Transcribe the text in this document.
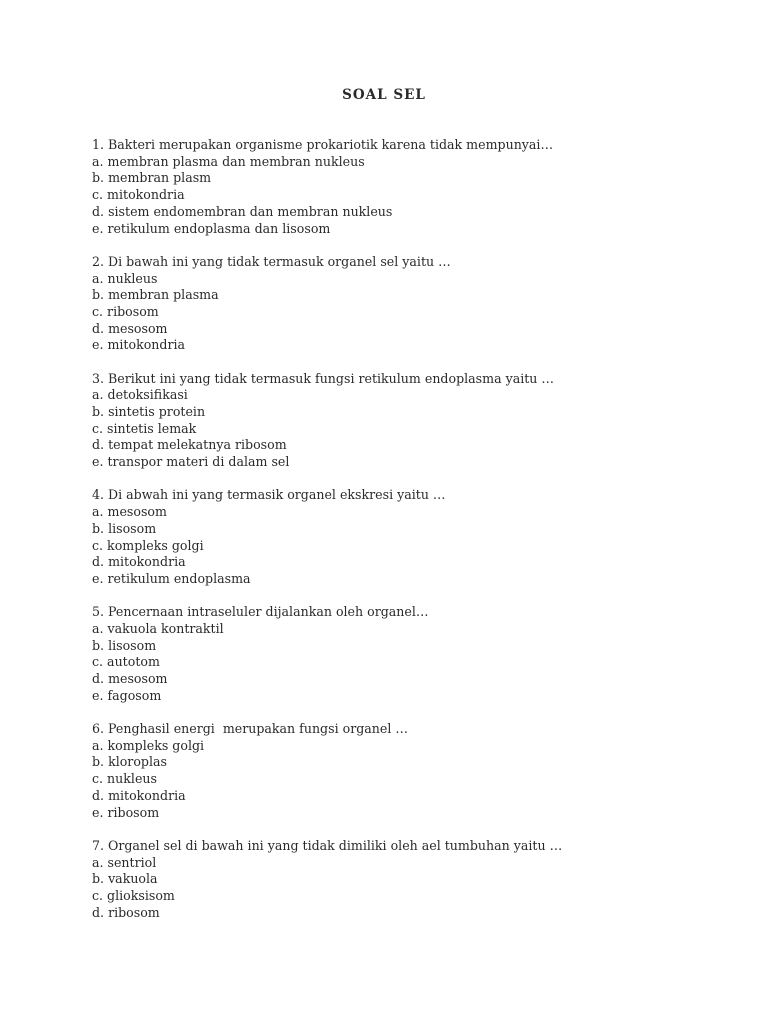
SOAL SEL
1. Bakteri merupakan organisme prokariotik karena tidak mempunyai…
a. membran plasma dan membran nukleus
b. membran plasm
c. mitokondria
d. sistem endomembran dan membran nukleus
e. retikulum endoplasma dan lisosom
2. Di bawah ini yang tidak termasuk organel sel yaitu …
a. nukleus
b. membran plasma
c. ribosom
d. mesosom
e. mitokondria
3. Berikut ini yang tidak termasuk fungsi retikulum endoplasma yaitu …
a. detoksifikasi
b. sintetis protein
c. sintetis lemak
d. tempat melekatnya ribosom
e. transpor materi di dalam sel
4. Di abwah ini yang termasik organel ekskresi yaitu …
a. mesosom
b. lisosom
c. kompleks golgi
d. mitokondria
e. retikulum endoplasma
5. Pencernaan intraseluler dijalankan oleh organel…
a. vakuola kontraktil
b. lisosom
c. autotom
d. mesosom
e. fagosom
6. Penghasil energi  merupakan fungsi organel …
a. kompleks golgi
b. kloroplas
c. nukleus
d. mitokondria
e. ribosom
7. Organel sel di bawah ini yang tidak dimiliki oleh ael tumbuhan yaitu …
a. sentriol
b. vakuola
c. glioksisom
d. ribosom
